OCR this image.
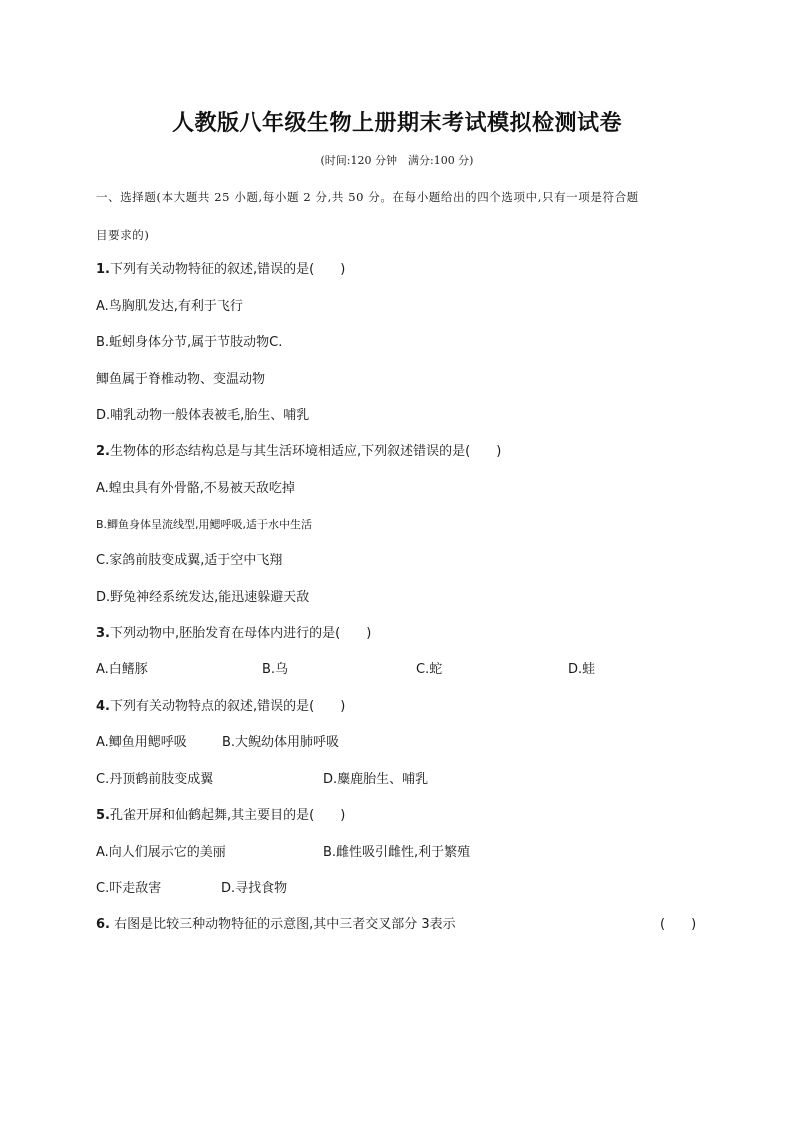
人教版八年级生物上册期末考试模拟检测试卷
(时间:120 分钟　满分:100 分)
一、选择题(本大题共 25 小题,每小题 2 分,共 50 分。在每小题给出的四个选项中,只有一项是符合题
目要求的)
1.下列有关动物特征的叙述,错误的是(　　)
A.鸟胸肌发达,有利于飞行
B.蚯蚓身体分节,属于节肢动物C.
鲫鱼属于脊椎动物、变温动物
D.哺乳动物一般体表被毛,胎生、哺乳
2.生物体的形态结构总是与其生活环境相适应,下列叙述错误的是(　　)
A.蝗虫具有外骨骼,不易被天敌吃掉
B.鲫鱼身体呈流线型,用鳃呼吸,适于水中生活
C.家鸽前肢变成翼,适于空中飞翔
D.野兔神经系统发达,能迅速躲避天敌
3.下列动物中,胚胎发育在母体内进行的是(　　)
A.白鳍豚	B.乌	C.蛇	D.蛙
4.下列有关动物特点的叙述,错误的是(　　)
A.鲫鱼用鳃呼吸	B.大鲵幼体用肺呼吸
C.丹顶鹤前肢变成翼	D.麋鹿胎生、哺乳
5.孔雀开屏和仙鹤起舞,其主要目的是(　　)
A.向人们展示它的美丽	B.雌性吸引雌性,利于繁殖
C.吓走敌害	D.寻找食物
6. 右图是比较三种动物特征的示意图,其中三者交叉部分 3表示	(　　)
